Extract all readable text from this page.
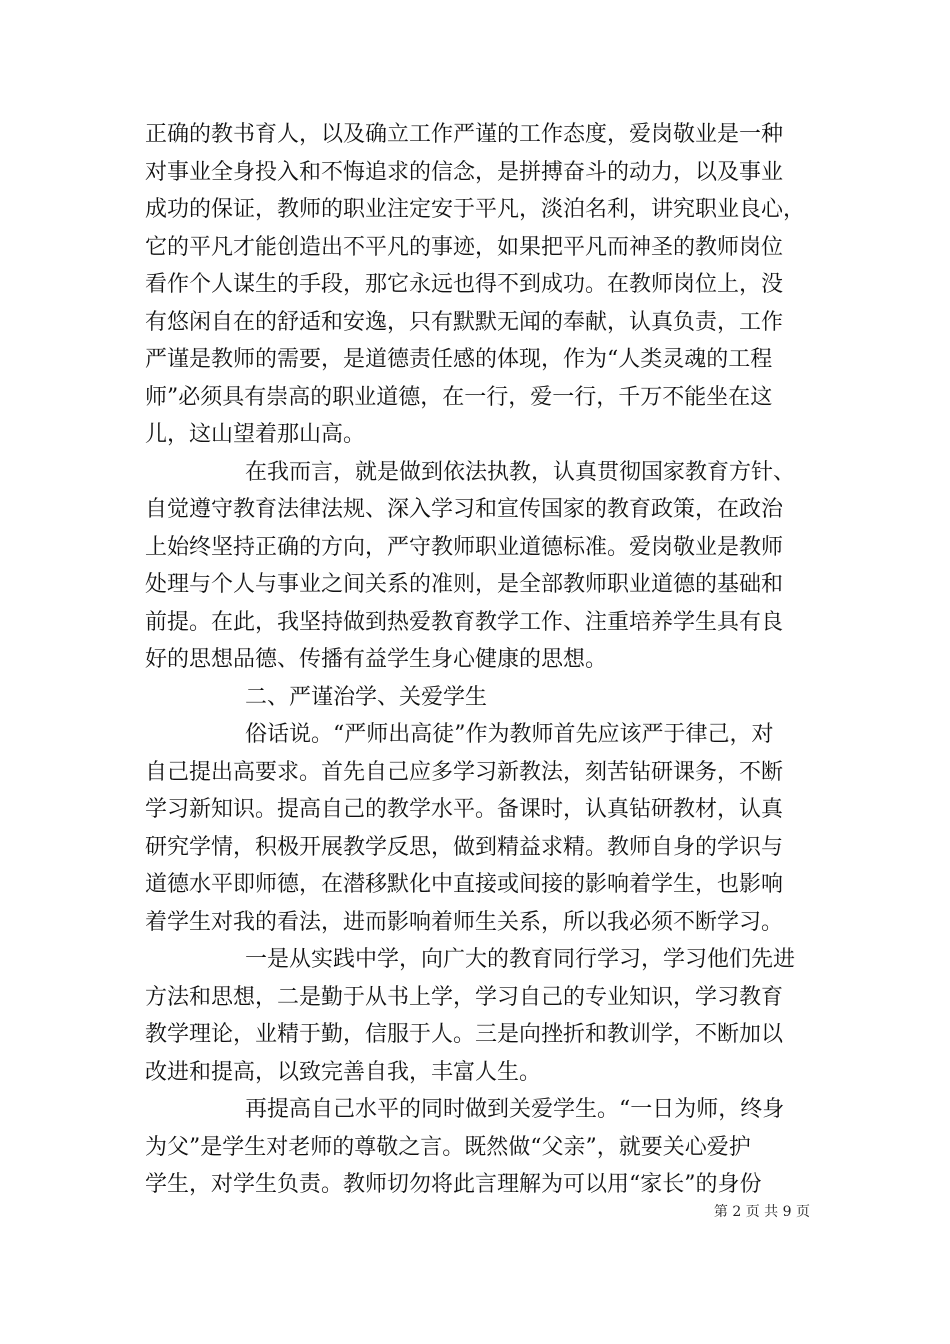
正确的教书育人，以及确立工作严谨的工作态度，爱岗敬业是一种
对事业全身投入和不悔追求的信念，是拼搏奋斗的动力，以及事业
成功的保证，教师的职业注定安于平凡，淡泊名利，讲究职业良心，
它的平凡才能创造出不平凡的事迹，如果把平凡而神圣的教师岗位
看作个人谋生的手段，那它永远也得不到成功。在教师岗位上，没
有悠闲自在的舒适和安逸，只有默默无闻的奉献，认真负责，工作
严谨是教师的需要，是道德责任感的体现，作为“人类灵魂的工程
师”必须具有崇高的职业道德，在一行，爱一行，千万不能坐在这
儿，这山望着那山高。
在我而言，就是做到依法执教，认真贯彻国家教育方针、
自觉遵守教育法律法规、深入学习和宣传国家的教育政策，在政治
上始终坚持正确的方向，严守教师职业道德标准。爱岗敬业是教师
处理与个人与事业之间关系的准则，是全部教师职业道德的基础和
前提。在此，我坚持做到热爱教育教学工作、注重培养学生具有良
好的思想品德、传播有益学生身心健康的思想。
二、严谨治学、关爱学生
俗话说。“严师出高徒”作为教师首先应该严于律己，对
自己提出高要求。首先自己应多学习新教法，刻苦钻研课务，不断
学习新知识。提高自己的教学水平。备课时，认真钻研教材，认真
研究学情，积极开展教学反思，做到精益求精。教师自身的学识与
道德水平即师德，在潜移默化中直接或间接的影响着学生，也影响
着学生对我的看法，进而影响着师生关系，所以我必须不断学习。
一是从实践中学，向广大的教育同行学习，学习他们先进
方法和思想，二是勤于从书上学，学习自己的专业知识，学习教育
教学理论，业精于勤，信服于人。三是向挫折和教训学，不断加以
改进和提高，以致完善自我，丰富人生。
再提高自己水平的同时做到关爱学生。“一日为师，终身
为父”是学生对老师的尊敬之言。既然做“父亲”，就要关心爱护
学生，对学生负责。教师切勿将此言理解为可以用“家长”的身份
第 2 页 共 9 页
